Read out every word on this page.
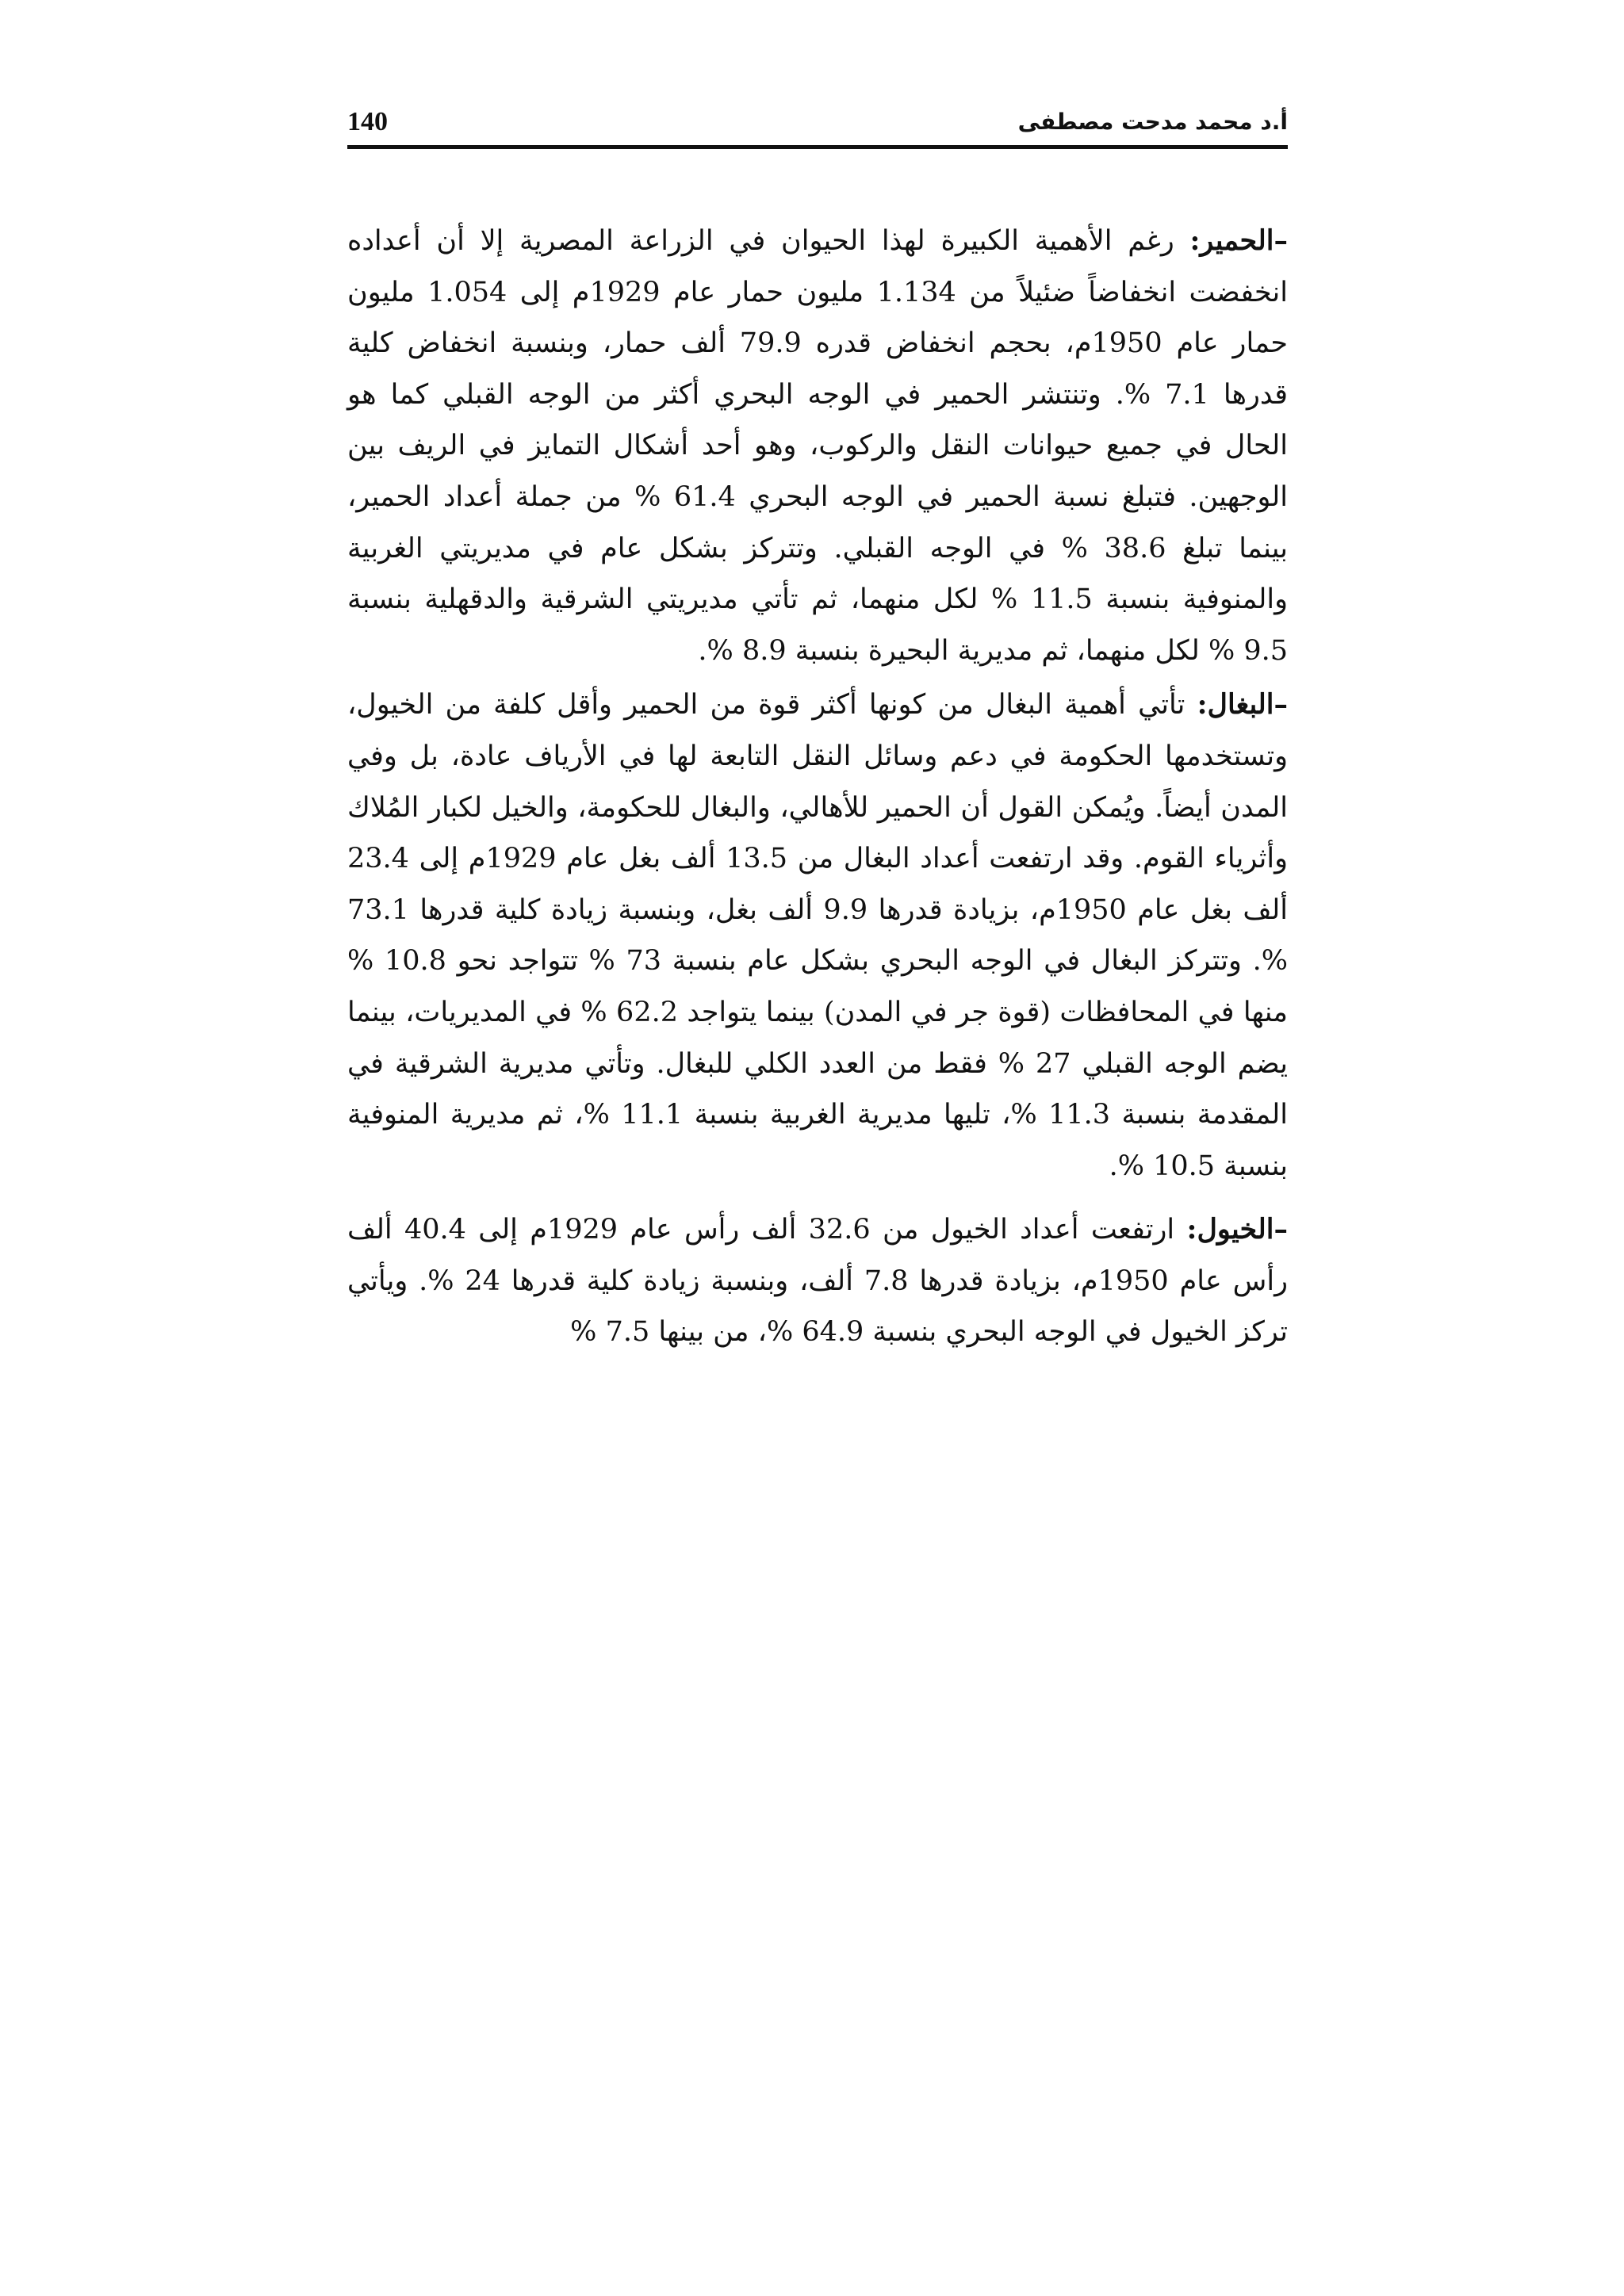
140	أ.د محمد مدحت مصطفى

–الحمير: رغم الأهمية الكبيرة لهذا الحيوان في الزراعة المصرية إلا أن أعداده انخفضت انخفاضاً ضئيلاً من 1.134 مليون حمار عام 1929م إلى 1.054 مليون حمار عام 1950م، بحجم انخفاض قدره 79.9 ألف حمار، وبنسبة انخفاض كلية قدرها 7.1 %. وتنتشر الحمير في الوجه البحري أكثر من الوجه القبلي كما هو الحال في جميع حيوانات النقل والركوب، وهو أحد أشكال التمايز في الريف بين الوجهين. فتبلغ نسبة الحمير في الوجه البحري 61.4 % من جملة أعداد الحمير، بينما تبلغ 38.6 % في الوجه القبلي. وتتركز بشكل عام في مديريتي الغربية والمنوفية بنسبة 11.5 % لكل منهما، ثم تأتي مديريتي الشرقية والدقهلية بنسبة 9.5 % لكل منهما، ثم مديرية البحيرة بنسبة 8.9 %.

–البغال: تأتي أهمية البغال من كونها أكثر قوة من الحمير وأقل كلفة من الخيول، وتستخدمها الحكومة في دعم وسائل النقل التابعة لها في الأرياف عادة، بل وفي المدن أيضاً. ويُمكن القول أن الحمير للأهالي، والبغال للحكومة، والخيل لكبار المُلاك وأثرياء القوم. وقد ارتفعت أعداد البغال من 13.5 ألف بغل عام 1929م إلى 23.4 ألف بغل عام 1950م، بزيادة قدرها 9.9 ألف بغل، وبنسبة زيادة كلية قدرها 73.1 %. وتتركز البغال في الوجه البحري بشكل عام بنسبة 73 % تتواجد نحو 10.8 % منها في المحافظات (قوة جر في المدن) بينما يتواجد 62.2 % في المديريات، بينما يضم الوجه القبلي 27 % فقط من العدد الكلي للبغال. وتأتي مديرية الشرقية في المقدمة بنسبة 11.3 %، تليها مديرية الغربية بنسبة 11.1 %، ثم مديرية المنوفية بنسبة 10.5 %.

–الخيول: ارتفعت أعداد الخيول من 32.6 ألف رأس عام 1929م إلى 40.4 ألف رأس عام 1950م، بزيادة قدرها 7.8 ألف، وبنسبة زيادة كلية قدرها 24 %. ويأتي تركز الخيول في الوجه البحري بنسبة 64.9 %، من بينها 7.5 %
